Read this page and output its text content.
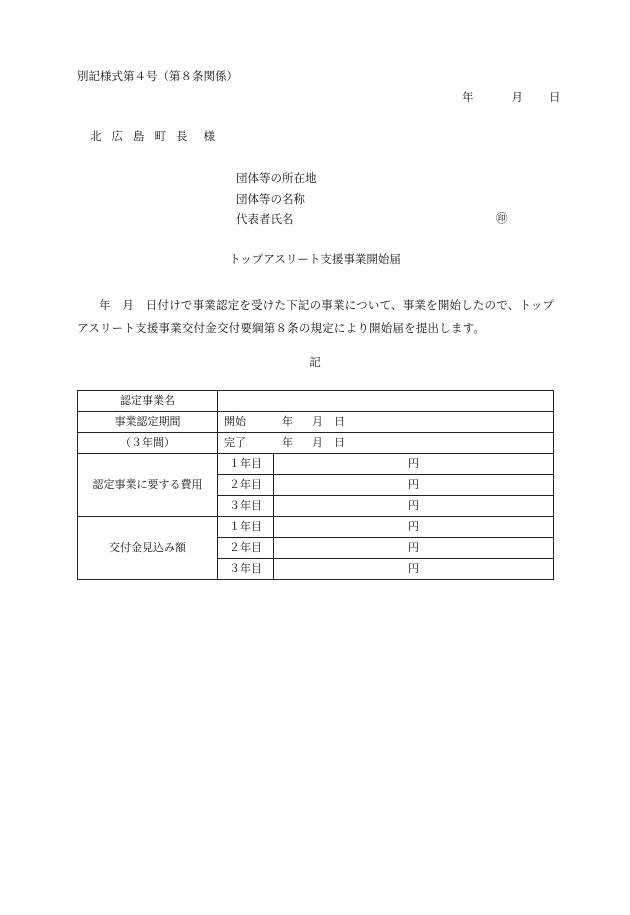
別記様式第４号（第８条関係）
年	月 日
北広島町長 様
団体等の所在地
団体等の名称
代表者氏名	㊞
トップアスリート支援事業開始届
年　月　日付けで事業認定を受けた下記の事業について、事業を開始したので、トップアスリート支援事業交付金交付要綱第８条の規定により開始届を提出します。
記
認定事業名		
事業認定期間	開始 年 月 日	

（３年間）	完了 年 月 日	

認定事業に要する費用	１年目	円
	２年目	円
	３年目	円
交付金見込み額	１年目	円
	２年目	円
	３年目	円
